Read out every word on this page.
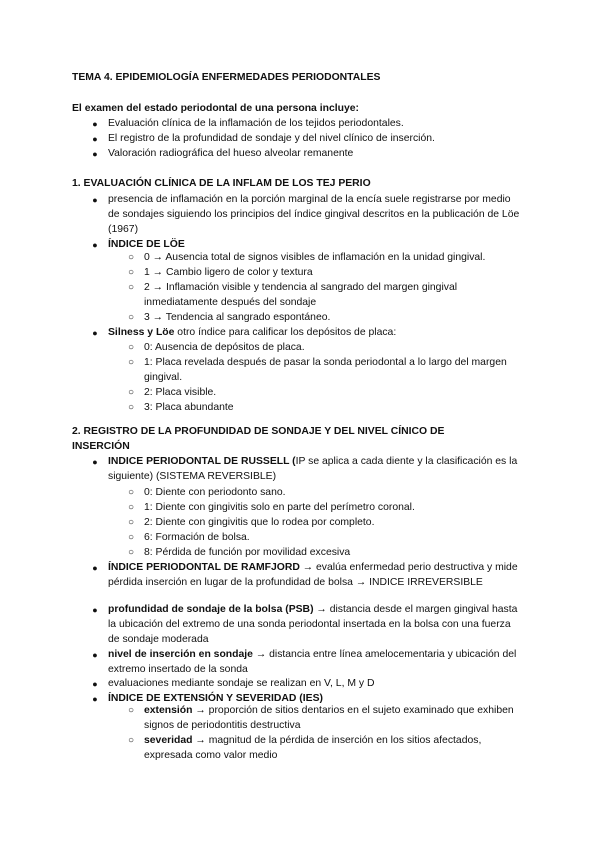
TEMA 4. EPIDEMIOLOGÍA ENFERMEDADES PERIODONTALES
El examen del estado periodontal de una persona incluye:
● Evaluación clínica de la inflamación de los tejidos periodontales.
● El registro de la profundidad de sondaje y del nivel clínico de inserción.
● Valoración radiográfica del hueso alveolar remanente
1. EVALUACIÓN CLÍNICA DE LA INFLAM DE LOS TEJ PERIO
● presencia de inflamación en la porción marginal de la encía suele registrarse por medio de sondajes siguiendo los principios del índice gingival descritos en la publicación de Löe (1967)
● ÍNDICE DE LÖE
○ 0 → Ausencia total de signos visibles de inflamación en la unidad gingival.
○ 1 → Cambio ligero de color y textura
○ 2 → Inflamación visible y tendencia al sangrado del margen gingival inmediatamente después del sondaje
○ 3 → Tendencia al sangrado espontáneo.
● Silness y Löe otro índice para calificar los depósitos de placa:
○ 0: Ausencia de depósitos de placa.
○ 1: Placa revelada después de pasar la sonda periodontal a lo largo del margen gingival.
○ 2: Placa visible.
○ 3: Placa abundante
2. REGISTRO DE LA PROFUNDIDAD DE SONDAJE Y DEL NIVEL CÍNICO DE INSERCIÓN
● INDICE PERIODONTAL DE RUSSELL (IP se aplica a cada diente y la clasificación es la siguiente) (SISTEMA REVERSIBLE)
○ 0: Diente con periodonto sano.
○ 1: Diente con gingivitis solo en parte del perímetro coronal.
○ 2: Diente con gingivitis que lo rodea por completo.
○ 6: Formación de bolsa.
○ 8: Pérdida de función por movilidad excesiva
● ÍNDICE PERIODONTAL DE RAMFJORD → evalúa enfermedad perio destructiva y mide pérdida inserción en lugar de la profundidad de bolsa → INDICE IRREVERSIBLE
● profundidad de sondaje de la bolsa (PSB) → distancia desde el margen gingival hasta la ubicación del extremo de una sonda periodontal insertada en la bolsa con una fuerza de sondaje moderada
● nivel de inserción en sondaje → distancia entre línea amelocementaria y ubicación del extremo insertado de la sonda
● evaluaciones mediante sondaje se realizan en V, L, M y D
● ÍNDICE DE EXTENSIÓN Y SEVERIDAD (IES)
○ extensión → proporción de sitios dentarios en el sujeto examinado que exhiben signos de periodontitis destructiva
○ severidad → magnitud de la pérdida de inserción en los sitios afectados, expresada como valor medio
